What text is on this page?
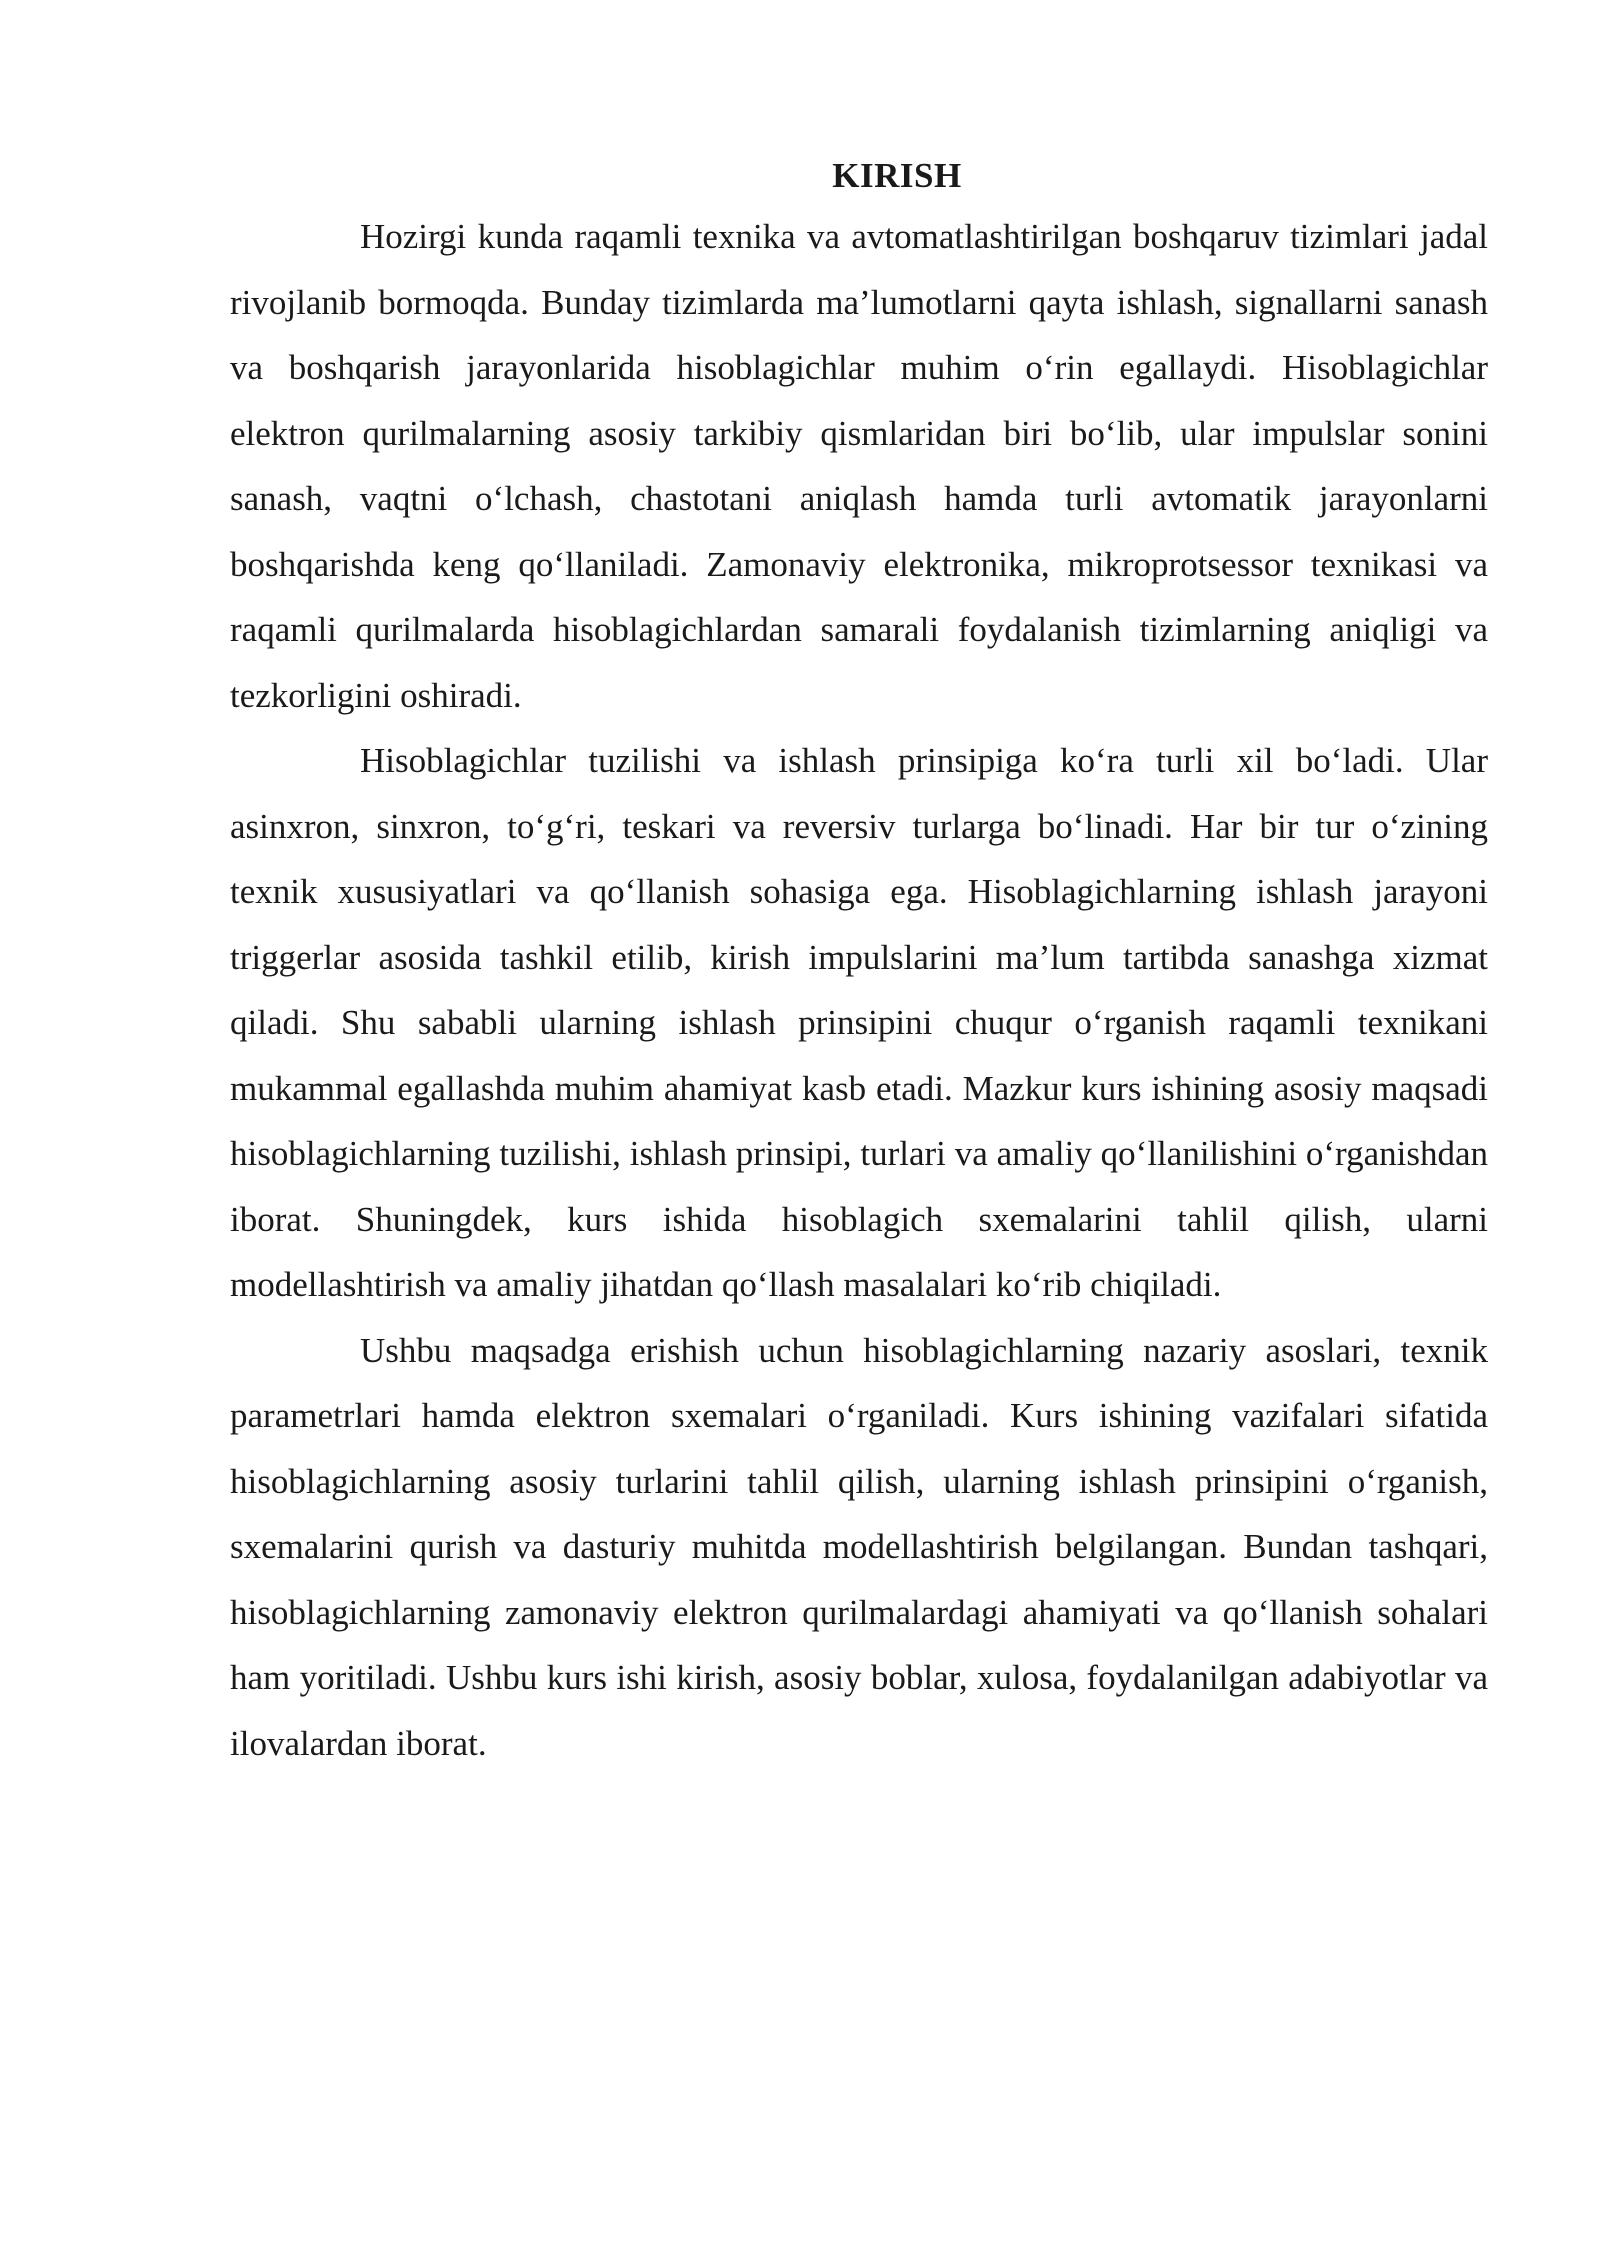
KIRISH

Hozirgi kunda raqamli texnika va avtomatlashtirilgan boshqaruv tizimlari jadal rivojlanib bormoqda. Bunday tizimlarda ma’lumotlarni qayta ishlash, signallarni sanash va boshqarish jarayonlarida hisoblagichlar muhim oʻrin egallaydi. Hisoblagichlar elektron qurilmalarning asosiy tarkibiy qismlaridan biri boʻlib, ular impulslar sonini sanash, vaqtni oʻlchash, chastotani aniqlash hamda turli avtomatik jarayonlarni boshqarishda keng qoʻllaniladi. Zamonaviy elektronika, mikroprotsessor texnikasi va raqamli qurilmalarda hisoblagichlardan samarali foydalanish tizimlarning aniqligi va tezkorligini oshiradi.

Hisoblagichlar tuzilishi va ishlash prinsipiga koʻra turli xil boʻladi. Ular asinxron, sinxron, toʻgʻri, teskari va reversiv turlarga boʻlinadi. Har bir tur oʻzining texnik xususiyatlari va qoʻllanish sohasiga ega. Hisoblagichlarning ishlash jarayoni triggerlar asosida tashkil etilib, kirish impulslarini ma’lum tartibda sanashga xizmat qiladi. Shu sababli ularning ishlash prinsipini chuqur oʻrganish raqamli texnikani mukammal egallashda muhim ahamiyat kasb etadi. Mazkur kurs ishining asosiy maqsadi hisoblagichlarning tuzilishi, ishlash prinsipi, turlari va amaliy qoʻllanilishini oʻrganishdan iborat. Shuningdek, kurs ishida hisoblagich sxemalarini tahlil qilish, ularni modellashtirish va amaliy jihatdan qoʻllash masalalari koʻrib chiqiladi.

Ushbu maqsadga erishish uchun hisoblagichlarning nazariy asoslari, texnik parametrlari hamda elektron sxemalari oʻrganiladi. Kurs ishining vazifalari sifatida hisoblagichlarning asosiy turlarini tahlil qilish, ularning ishlash prinsipini oʻrganish, sxemalarini qurish va dasturiy muhitda modellashtirish belgilangan. Bundan tashqari, hisoblagichlarning zamonaviy elektron qurilmalardagi ahamiyati va qoʻllanish sohalari ham yoritiladi. Ushbu kurs ishi kirish, asosiy boblar, xulosa, foydalanilgan adabiyotlar va ilovalardan iborat.
